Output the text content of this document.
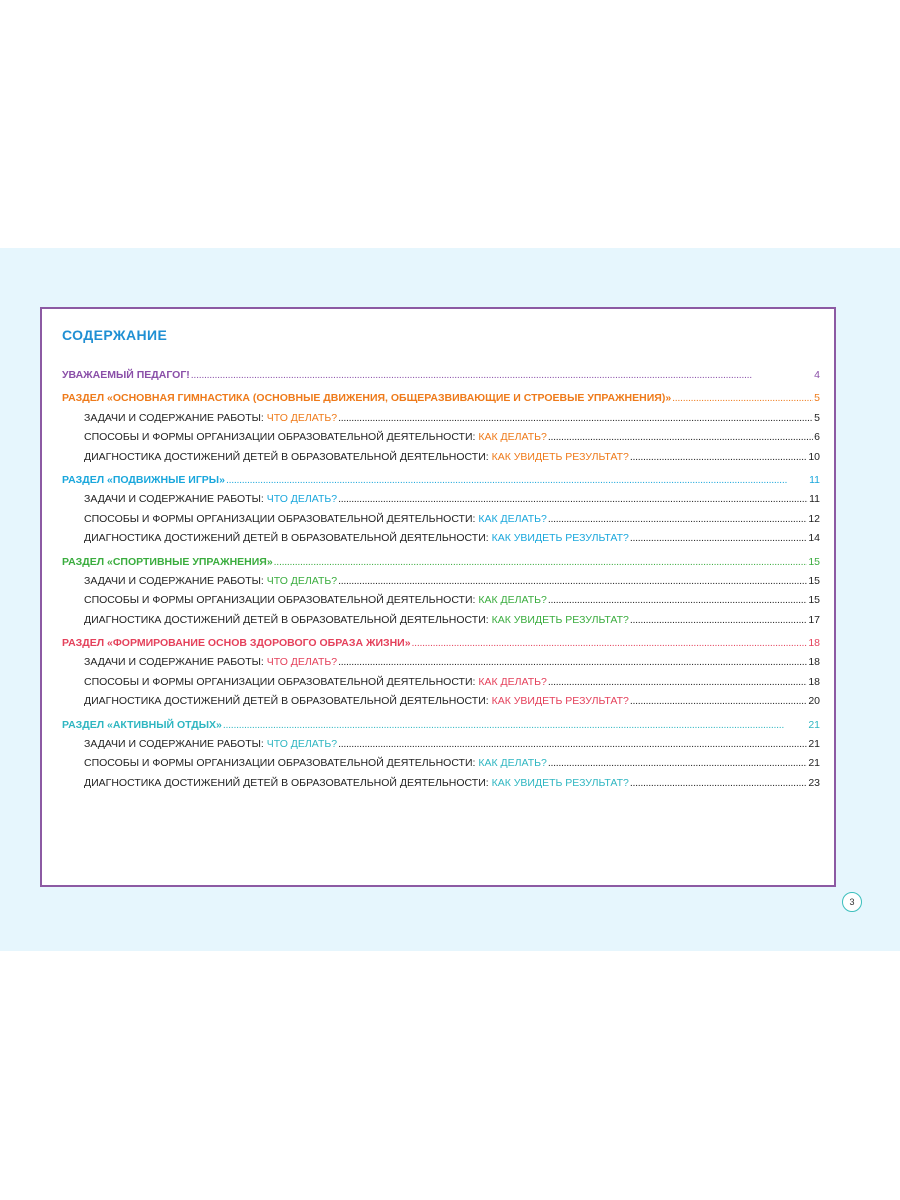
СОДЕРЖАНИЕ
УВАЖАЕМЫЙ ПЕДАГОГ! . . .	4
РАЗДЕЛ «ОСНОВНАЯ ГИМНАСТИКА (ОСНОВНЫЕ ДВИЖЕНИЯ, ОБЩЕРАЗВИВАЮЩИЕ И СТРОЕВЫЕ УПРАЖНЕНИЯ)» . . .	5
ЗАДАЧИ И СОДЕРЖАНИЕ РАБОТЫ: ЧТО ДЕЛАТЬ? . . .	5
СПОСОБЫ И ФОРМЫ ОРГАНИЗАЦИИ ОБРАЗОВАТЕЛЬНОЙ ДЕЯТЕЛЬНОСТИ: КАК ДЕЛАТЬ? . . .	6
ДИАГНОСТИКА ДОСТИЖЕНИЙ ДЕТЕЙ В ОБРАЗОВАТЕЛЬНОЙ ДЕЯТЕЛЬНОСТИ: КАК УВИДЕТЬ РЕЗУЛЬТАТ? . . .	10
РАЗДЕЛ «ПОДВИЖНЫЕ ИГРЫ» . . .	11
ЗАДАЧИ И СОДЕРЖАНИЕ РАБОТЫ: ЧТО ДЕЛАТЬ? . . .	11
СПОСОБЫ И ФОРМЫ ОРГАНИЗАЦИИ ОБРАЗОВАТЕЛЬНОЙ ДЕЯТЕЛЬНОСТИ: КАК ДЕЛАТЬ? . . .	12
ДИАГНОСТИКА ДОСТИЖЕНИЙ ДЕТЕЙ В ОБРАЗОВАТЕЛЬНОЙ ДЕЯТЕЛЬНОСТИ: КАК УВИДЕТЬ РЕЗУЛЬТАТ? . . .	14
РАЗДЕЛ «СПОРТИВНЫЕ УПРАЖНЕНИЯ» . . .	15
ЗАДАЧИ И СОДЕРЖАНИЕ РАБОТЫ: ЧТО ДЕЛАТЬ? . . .	15
СПОСОБЫ И ФОРМЫ ОРГАНИЗАЦИИ ОБРАЗОВАТЕЛЬНОЙ ДЕЯТЕЛЬНОСТИ: КАК ДЕЛАТЬ? . . .	15
ДИАГНОСТИКА ДОСТИЖЕНИЙ ДЕТЕЙ В ОБРАЗОВАТЕЛЬНОЙ ДЕЯТЕЛЬНОСТИ: КАК УВИДЕТЬ РЕЗУЛЬТАТ? . . .	17
РАЗДЕЛ «ФОРМИРОВАНИЕ ОСНОВ ЗДОРОВОГО ОБРАЗА ЖИЗНИ» . . .	18
ЗАДАЧИ И СОДЕРЖАНИЕ РАБОТЫ: ЧТО ДЕЛАТЬ? . . .	18
СПОСОБЫ И ФОРМЫ ОРГАНИЗАЦИИ ОБРАЗОВАТЕЛЬНОЙ ДЕЯТЕЛЬНОСТИ: КАК ДЕЛАТЬ? . . .	18
ДИАГНОСТИКА ДОСТИЖЕНИЙ ДЕТЕЙ В ОБРАЗОВАТЕЛЬНОЙ ДЕЯТЕЛЬНОСТИ: КАК УВИДЕТЬ РЕЗУЛЬТАТ? . . .	20
РАЗДЕЛ «АКТИВНЫЙ ОТДЫХ» . . .	21
ЗАДАЧИ И СОДЕРЖАНИЕ РАБОТЫ: ЧТО ДЕЛАТЬ? . . .	21
СПОСОБЫ И ФОРМЫ ОРГАНИЗАЦИИ ОБРАЗОВАТЕЛЬНОЙ ДЕЯТЕЛЬНОСТИ: КАК ДЕЛАТЬ? . . .	21
ДИАГНОСТИКА ДОСТИЖЕНИЙ ДЕТЕЙ В ОБРАЗОВАТЕЛЬНОЙ ДЕЯТЕЛЬНОСТИ: КАК УВИДЕТЬ РЕЗУЛЬТАТ? . . .	23
3
